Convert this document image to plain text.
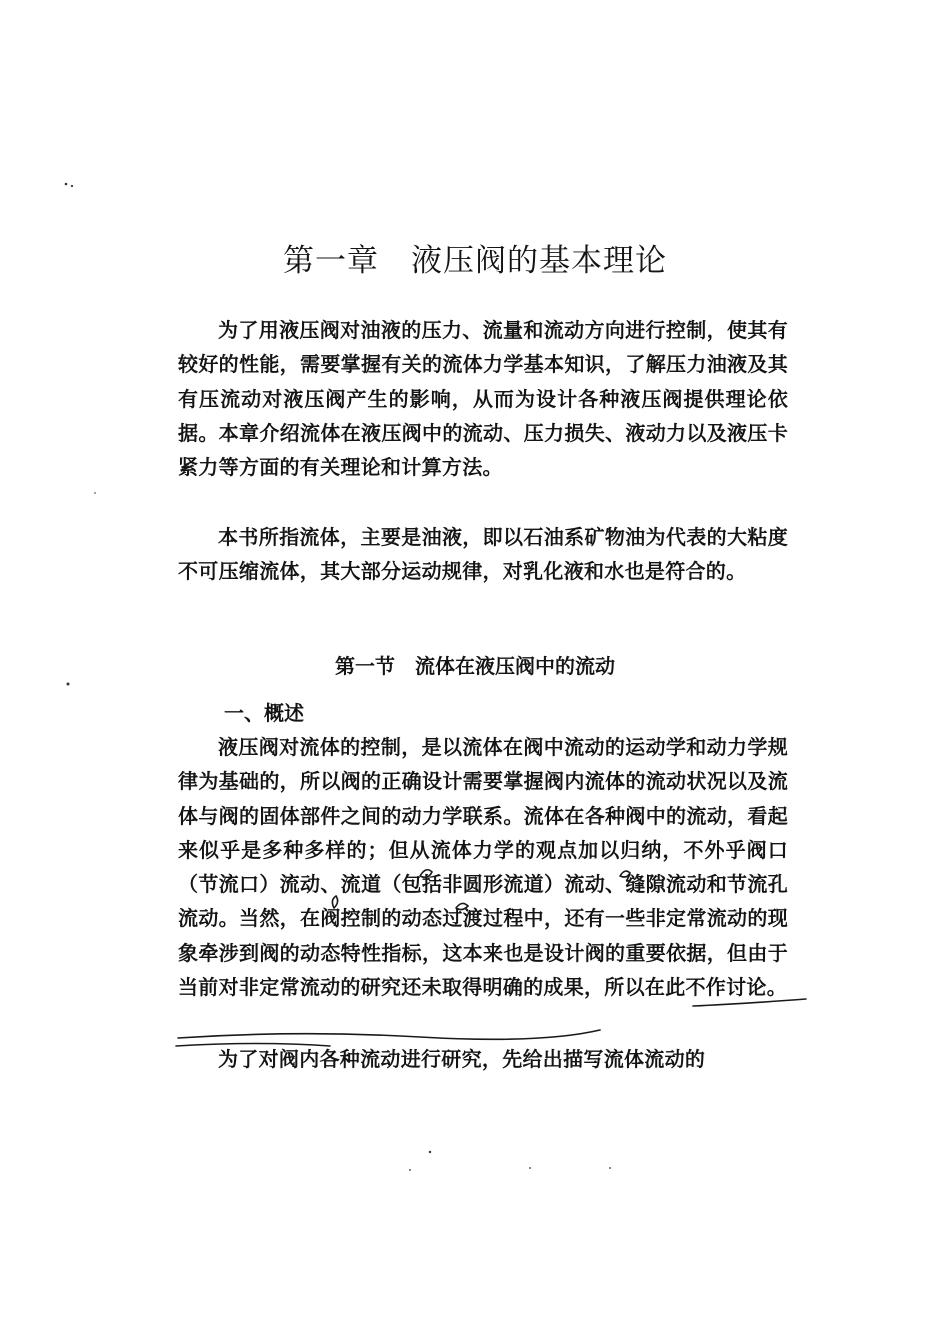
第一章　液压阀的基本理论

为了用液压阀对油液的压力、流量和流动方向进行控制，使其有较好的性能，需要掌握有关的流体力学基本知识，了解压力油液及其有压流动对液压阀产生的影响，从而为设计各种液压阀提供理论依据。本章介绍流体在液压阀中的流动、压力损失、液动力以及液压卡紧力等方面的有关理论和计算方法。

本书所指流体，主要是油液，即以石油系矿物油为代表的大粘度不可压缩流体，其大部分运动规律，对乳化液和水也是符合的。

第一节　流体在液压阀中的流动
一、概述

液压阀对流体的控制，是以流体在阀中流动的运动学和动力学规律为基础的，所以阀的正确设计需要掌握阀内流体的流动状况以及流体与阀的固体部件之间的动力学联系。流体在各种阀中的流动，看起来似乎是多种多样的；但从流体力学的观点加以归纳，不外乎阀口（节流口）流动、流道（包括非圆形流道）流动、缝隙流动和节流孔流动。当然，在阀控制的动态过渡过程中，还有一些非定常流动的现象牵涉到阀的动态特性指标，这本来也是设计阀的重要依据，但由于当前对非定常流动的研究还未取得明确的成果，所以在此不作讨论。

为了对阀内各种流动进行研究，先给出描写流体流动的
